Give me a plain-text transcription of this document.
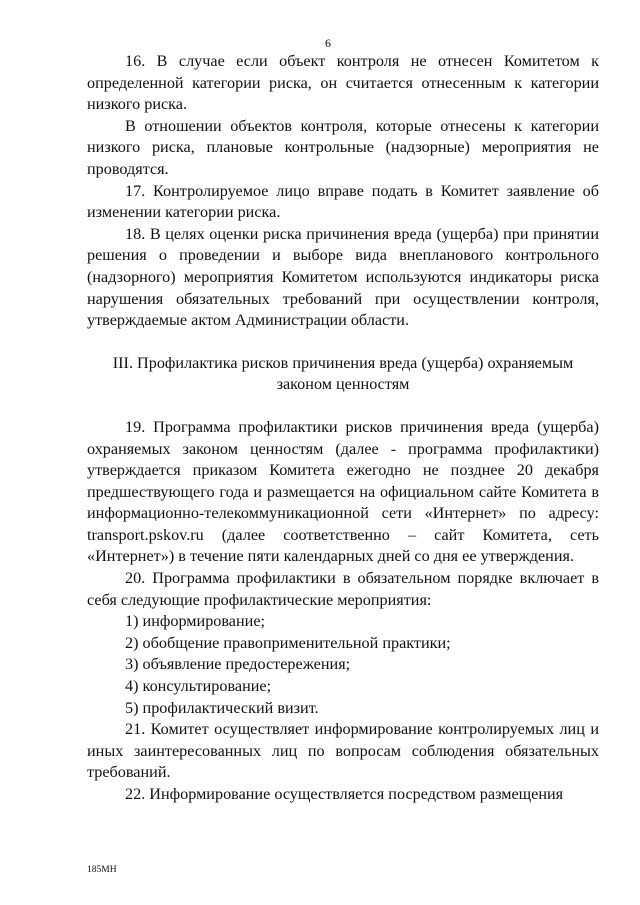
6

16. В случае если объект контроля не отнесен Комитетом к определенной категории риска, он считается отнесенным к категории низкого риска.

В отношении объектов контроля, которые отнесены к категории низкого риска, плановые контрольные (надзорные) мероприятия не проводятся.

17. Контролируемое лицо вправе подать в Комитет заявление об изменении категории риска.

18. В целях оценки риска причинения вреда (ущерба) при принятии решения о проведении и выборе вида внепланового контрольного (надзорного) мероприятия Комитетом используются индикаторы риска нарушения обязательных требований при осуществлении контроля, утверждаемые актом Администрации области.

III. Профилактика рисков причинения вреда (ущерба) охраняемым
законом ценностям

19. Программа профилактики рисков причинения вреда (ущерба) охраняемых законом ценностям (далее - программа профилактики) утверждается приказом Комитета ежегодно не позднее 20 декабря предшествующего года и размещается на официальном сайте Комитета в информационно-телекоммуникационной сети «Интернет» по адресу: transport.pskov.ru (далее соответственно – сайт Комитета, сеть «Интернет») в течение пяти календарных дней со дня ее утверждения.

20. Программа профилактики в обязательном порядке включает в себя следующие профилактические мероприятия:

1) информирование;

2) обобщение правоприменительной практики;

3) объявление предостережения;

4) консультирование;

5) профилактический визит.

21. Комитет осуществляет информирование контролируемых лиц и иных заинтересованных лиц по вопросам соблюдения обязательных требований.

22. Информирование осуществляется посредством размещения

185МН
